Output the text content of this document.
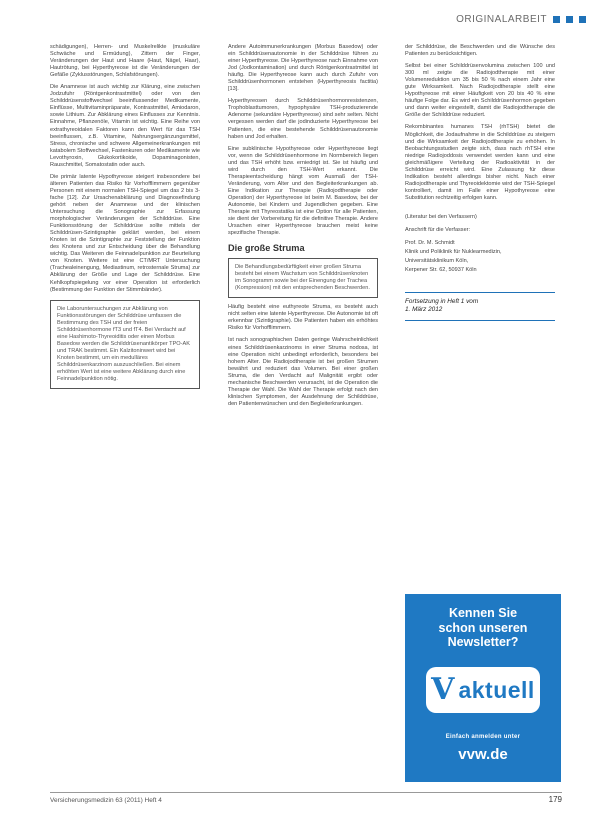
ORIGINALARBEIT

schädigungen), Herren- und Muskelrelikte (muskuläre Schwäche und Ermüdung), Zittern der Finger, Veränderungen der Haut und Haare (Haut, Nägel, Haar), Hautrötung, bei Hyperthyreose ist die Veränderungen der Gefäße (Zyklusstörungen, Schlafstörungen).

Die Anamnese ist auch wichtig zur Klärung, eine zwischen Jodzufuhr (Röntgenkontrastmittel) oder von den Schilddrüsenstoffwechsel beeinflussender Medikamente, Einflüsse, Multivitaminpräparate, Kontrastmittel, Amiodaron, sowie Lithium. Zur Abklärung eines Einflusses zur Kenntnis. Einnahme, Pflanzenöle, Vitamin ist wichtig. Eine Reihe von extrathyreoidalen Faktoren kann den Wert für das TSH beeinflussen, z.B. Vitamine, Nahrungsergänzungsmittel, Stress, chronische und schwere Allgemeinerkrankungen mit katabolem Stoffwechsel, Fastenkuren oder Medikamente wie Levothyroxin, Glukokortikoide, Dopaminagonisten, Rauschmittel, Somatostatin oder auch.

Die primär latente Hypothyreose steigert insbesondere bei älteren Patienten das Risiko für Vorhofflimmern gegenüber Personen mit einem normalen TSH-Spiegel um das 2 bis 3-fache [12]. Zur Ursachenabklärung und Diagnosefindung gehört neben der Anamnese und der klinischen Untersuchung die Sonographie zur Erfassung morphologischer Veränderungen der Schilddrüse. Eine Funktionsstörung der Schilddrüse sollte mittels der Schilddrüsen-Szintigraphie geklärt werden, bei einem Knoten ist die Szintigraphie zur Feststellung der Funktion des Knotens und zur Entscheidung über die Behandlung wichtig. Das Weiteren die Feinnadelpunktion zur Beurteilung von Knoten. Weitere ist eine CT/MRT Untersuchung (Trachealeinengung, Mediastinum, retrosternale Struma) zur Abklärung der Größe und Lage der Schilddrüse. Eine Kehlkopfspiegelung vor einer Operation ist erforderlich (Bestimmung der Funktion der Stimmbänder).

Die Laboruntersuchungen zur Abklärung von Funktionsstörungen der Schilddrüse umfassen die Bestimmung des TSH und der freien Schilddrüsenhormone fT3 und fT4. Bei Verdacht auf eine Hashimoto-Thyreoiditis oder einen Morbus Basedow werden die Schilddrüsenantikörper TPO-AK und TRAK bestimmt. Ein Kalzitoninwert wird bei Knoten bestimmt, um ein medulläres Schilddrüsenkarzinom auszuschließen. Bei einem erhöhten Wert ist eine weitere Abklärung durch eine Feinnadelpunktion nötig.

Andere Autoimmunerkrankungen (Morbus Basedow) oder ein Schilddrüsenautonomie in der Schilddrüse führen zu einer Hyperthyreose. Die Hyperthyreose nach Einnahme von Jod (Jodkontamination) und durch Röntgenkontrastmittel ist häufig. Die Hyperthyreose kann auch durch Zufuhr von Schilddrüsenhormonen entstehen (Hyperthyreosis factitia) [13].

Hyperthyreosen durch Schilddrüsenhormonresistenzen, Trophoblasttumoren, hypophysäre TSH-produzierende Adenome (sekundäre Hyperthyreose) sind sehr selten. Nicht vergessen werden darf die jodinduzierte Hyperthyreose bei Patienten, die eine bestehende Schilddrüsenautonomie haben und Jod erhalten.

Eine subklinische Hypothyreose oder Hyperthyreose liegt vor, wenn die Schilddrüsenhormone im Normbereich liegen und das TSH erhöht bzw. erniedrigt ist. Sie ist häufig und wird durch den TSH-Wert erkannt. Die Therapieentscheidung hängt vom Ausmaß der TSH-Veränderung, vom Alter und den Begleiterkrankungen ab. Eine Indikation zur Therapie (Radiojodtherapie oder Operation) der Hyperthyreose ist beim M. Basedow, bei der Autonomie, bei Kindern und Jugendlichen gegeben. Eine Therapie mit Thyreostatika ist eine Option für alle Patienten, sie dient der Vorbereitung für die definitive Therapie. Andere Ursachen einer Hyperthyreose brauchen meist keine spezifische Therapie.

Die große Struma
Die Behandlungsbedürftigkeit einer großen Struma besteht bei einem Wachstum von Schilddrüsenknoten im Sonogramm sowie bei der Einengung der Trachea (Kompression) mit den entsprechenden Beschwerden.

Häufig besteht eine euthyreote Struma, es besteht auch nicht selten eine latente Hyperthyreose. Die Autonomie ist oft erkennbar (Szintigraphie). Die Patienten haben ein erhöhtes Risiko für Vorhofflimmern.

Ist nach sonographischen Daten geringe Wahrscheinlichkeit eines Schilddrüsenkarzinoms in einer Struma nodosa, ist eine Operation nicht unbedingt erforderlich, besonders bei hohem Alter. Die Radiojodtherapie ist bei großen Strumen bewährt und reduziert das Volumen. Bei einer großen Struma, die den Verdacht auf Malignität ergibt oder mechanische Beschwerden verursacht, ist die Operation die Therapie der Wahl. Die Wahl der Therapie erfolgt nach den klinischen Symptomen, der Ausdehnung der Schilddrüse, den Patientenwünschen und den Begleiterkrankungen.

der Schilddrüse, die Beschwerden und die Wünsche des Patienten zu berücksichtigen.

Selbst bei einer Schilddrüsenvolumina zwischen 100 und 300 ml zeigte die Radiojodtherapie mit einer Volumenreduktion um 35 bis 50 % nach einem Jahr eine gute Wirksamkeit. Nach Radiojodtherapie stellt eine Hypothyreose mit einer Häufigkeit von 20 bis 40 % eine häufige Folge dar. Es wird ein Schilddrüsenhormon gegeben und dann weiter eingestellt, damit die Radiojodtherapie die Größe der Schilddrüse reduziert.

Rekombinantes humanes TSH (rhTSH) bietet die Möglichkeit, die Jodaufnahme in die Schilddrüse zu steigern und die Wirksamkeit der Radiojodtherapie zu erhöhen. In Beobachtungsstudien zeigte sich, dass nach rhTSH eine niedrige Radiojoddosis verwendet werden kann und eine gleichmäßigere Verteilung der Radioaktivität in der Schilddrüse erreicht wird. Eine Zulassung für diese Indikation besteht allerdings bisher nicht. Nach einer Radiojodtherapie und Thyreoidektomie wird der TSH-Spiegel kontrolliert, damit im Falle einer Hypothyreose eine Substitution rechtzeitig erfolgen kann.

(Literatur bei den Verfassern)

Anschrift für die Verfasser:

Prof. Dr. M. Schmidt

Klinik und Poliklinik für Nuklearmedizin,

Universitätsklinikum Köln,

Kerpener Str. 62, 50937 Köln

Fortsetzung in Heft 1 vom
1. März 2012
Kennen Sie
schon unseren
Newsletter?
V aktuell
Einfach anmelden unter
vvw.de
Versicherungsmedizin 63 (2011) Heft 4	179
